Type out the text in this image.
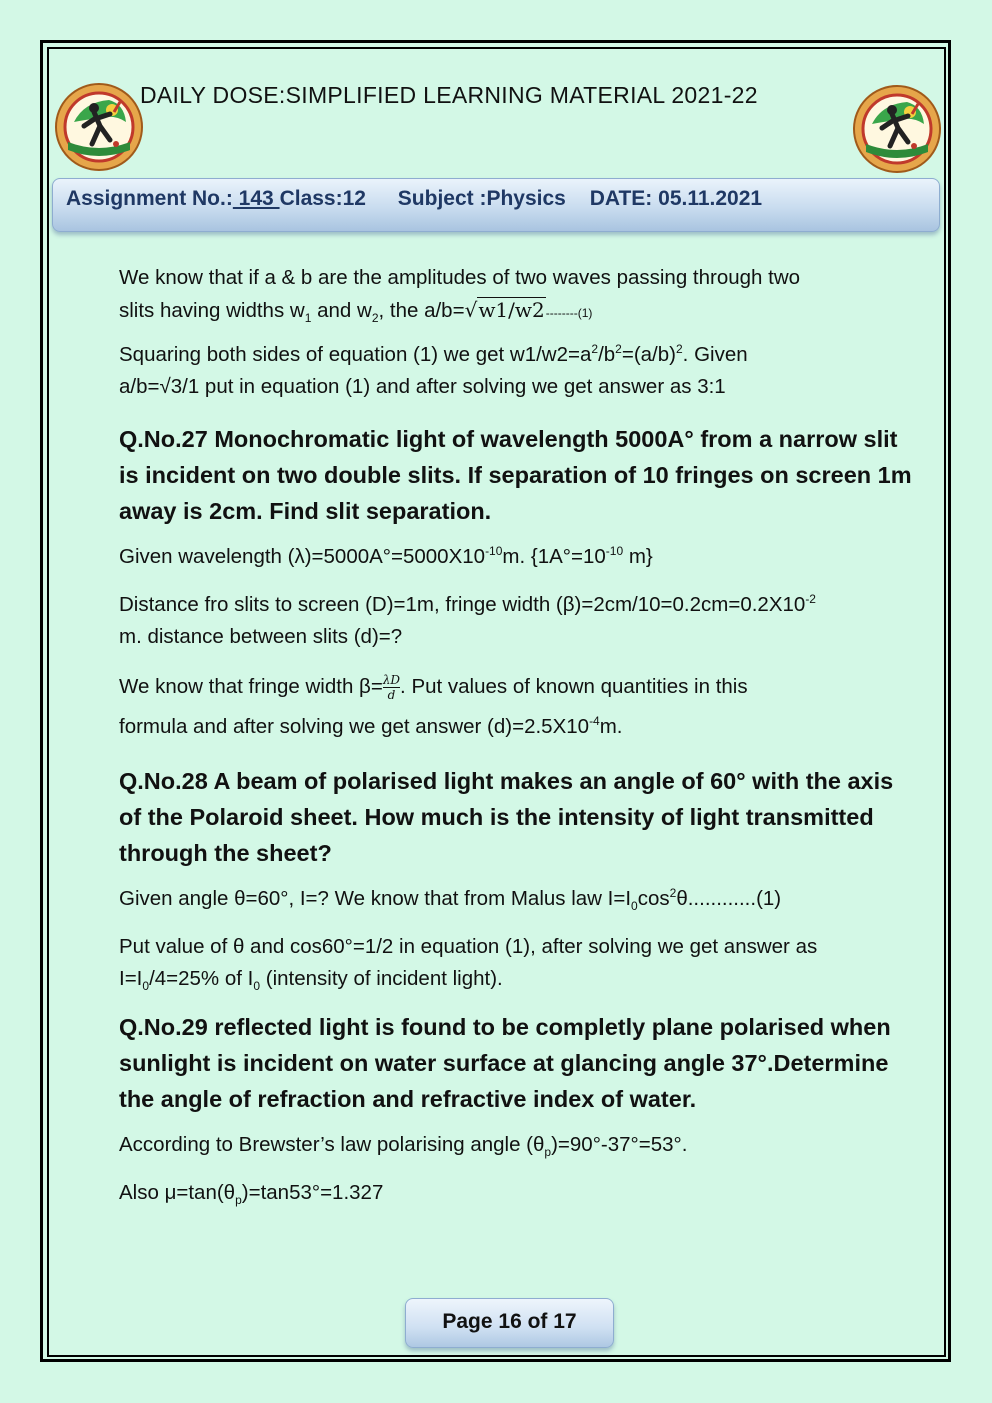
DAILY DOSE:SIMPLIFIED LEARNING MATERIAL 2021-22
Assignment No.: 143 Class:12 Subject :Physics DATE: 05.11.2021

We know that if a & b are the amplitudes of two waves passing through two
slits having widths $w_1$ and $w_2$, the a/b=√w1/w2--------(1)

Squaring both sides of equation (1) we get $w1/w2=a^2/b^2=(a/b)^2$. Given
a/b=√3/1 put in equation (1) and after solving we get answer as 3:1

Q.No.27 Monochromatic light of wavelength 5000A° from a narrow slit is incident on two double slits. If separation of 10 fringes on screen 1m away is 2cm. Find slit separation.

Given wavelength $(\lambda)=5000A^\circ=5000X10^{-10}m$. {$1A^\circ=10^{-10}$ m}

Distance fro slits to screen (D)=1m, fringe width $(\beta)=2cm/10=0.2cm=0.2X10^{-2}$
m. distance between slits (d)=?

We know that fringe width $\beta= \frac{\lambda D}{d}$ . Put values of known quantities in this
formula and after solving we get answer $(d)=2.5X10^{-4}m$.

Q.No.28 A beam of polarised light makes an angle of 60° with the axis of the Polaroid sheet. How much is the intensity of light transmitted through the sheet?

Given angle θ=60°, I=? We know that from Malus law $I=I_0\cos^2\theta............(1)$

Put value of θ and cos60°=1/2 in equation (1), after solving we get answer as
$I=I_0/4=25\%$ of $I_0$ (intensity of incident light).

Q.No.29 reflected light is found to be completly plane polarised when sunlight is incident on water surface at glancing angle 37°.Determine the angle of refraction and refractive index of water.

According to Brewster’s law polarising angle $(\theta_p)=90^\circ-37^\circ=53^\circ$.

Also $\mu=\tan(\theta_p)=\tan 53^\circ=1.327$

Page 16 of 17
